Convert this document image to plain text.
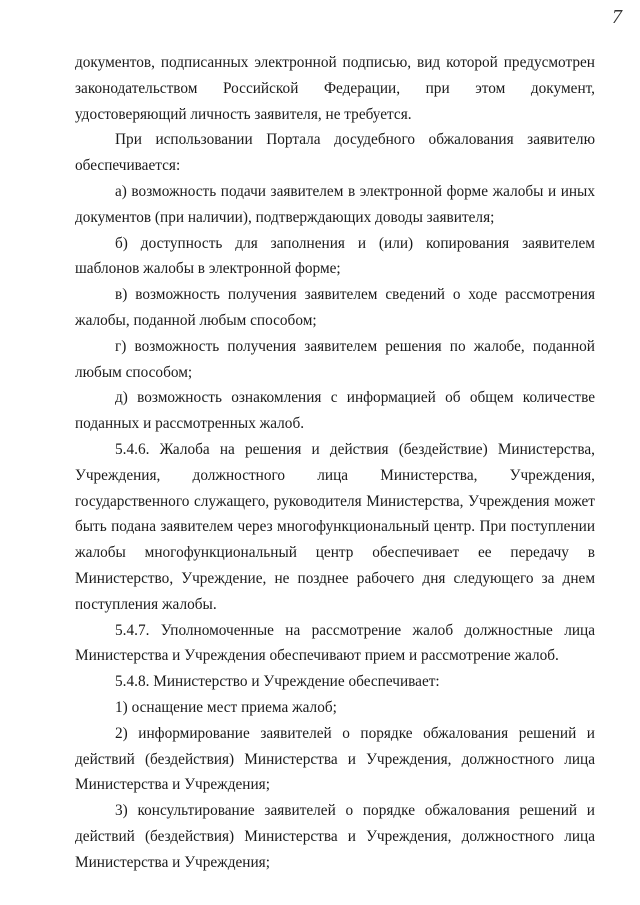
7

документов, подписанных электронной подписью, вид которой предусмотрен законодательством Российской Федерации, при этом документ, удостоверяющий личность заявителя, не требуется.

При использовании Портала досудебного обжалования заявителю обеспечивается:

а) возможность подачи заявителем в электронной форме жалобы и иных документов (при наличии), подтверждающих доводы заявителя;

б) доступность для заполнения и (или) копирования заявителем шаблонов жалобы в электронной форме;

в) возможность получения заявителем сведений о ходе рассмотрения жалобы, поданной любым способом;

г) возможность получения заявителем решения по жалобе, поданной любым способом;

д) возможность ознакомления с информацией об общем количестве поданных и рассмотренных жалоб.

5.4.6. Жалоба на решения и действия (бездействие) Министерства, Учреждения, должностного лица Министерства, Учреждения, государственного служащего, руководителя Министерства, Учреждения может быть подана заявителем через многофункциональный центр. При поступлении жалобы многофункциональный центр обеспечивает ее передачу в Министерство, Учреждение, не позднее рабочего дня следующего за днем поступления жалобы.

5.4.7. Уполномоченные на рассмотрение жалоб должностные лица Министерства и Учреждения обеспечивают прием и рассмотрение жалоб.

5.4.8. Министерство и Учреждение обеспечивает:

1) оснащение мест приема жалоб;

2) информирование заявителей о порядке обжалования решений и действий (бездействия) Министерства и Учреждения, должностного лица Министерства и Учреждения;

3) консультирование заявителей о порядке обжалования решений и действий (бездействия) Министерства и Учреждения, должностного лица Министерства и Учреждения;
